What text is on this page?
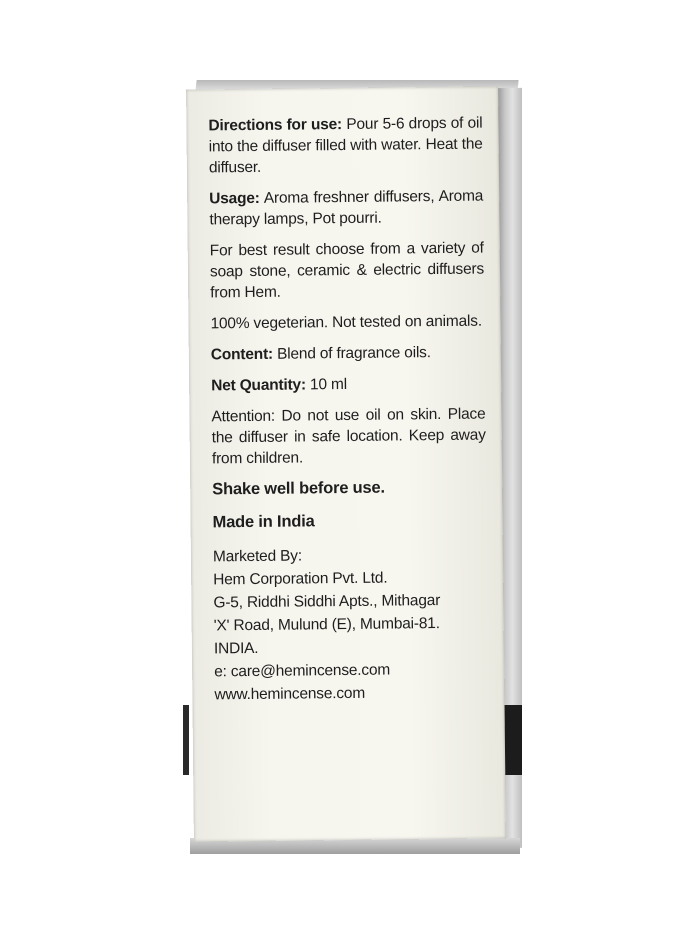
Directions for use: Pour 5-6 drops of oil into the diffuser filled with water. Heat the diffuser.

Usage: Aroma freshner diffusers, Aroma therapy lamps, Pot pourri.

For best result choose from a variety of soap stone, ceramic & electric diffusers from Hem.

100% vegeterian. Not tested on animals.

Content: Blend of fragrance oils.

Net Quantity: 10 ml

Attention: Do not use oil on skin. Place the diffuser in safe location. Keep away from children.

Shake well before use.

Made in India

Marketed By:

Hem Corporation Pvt. Ltd.

G-5, Riddhi Siddhi Apts., Mithagar

'X' Road, Mulund (E), Mumbai-81.

INDIA.

e: care@hemincense.com

www.hemincense.com
